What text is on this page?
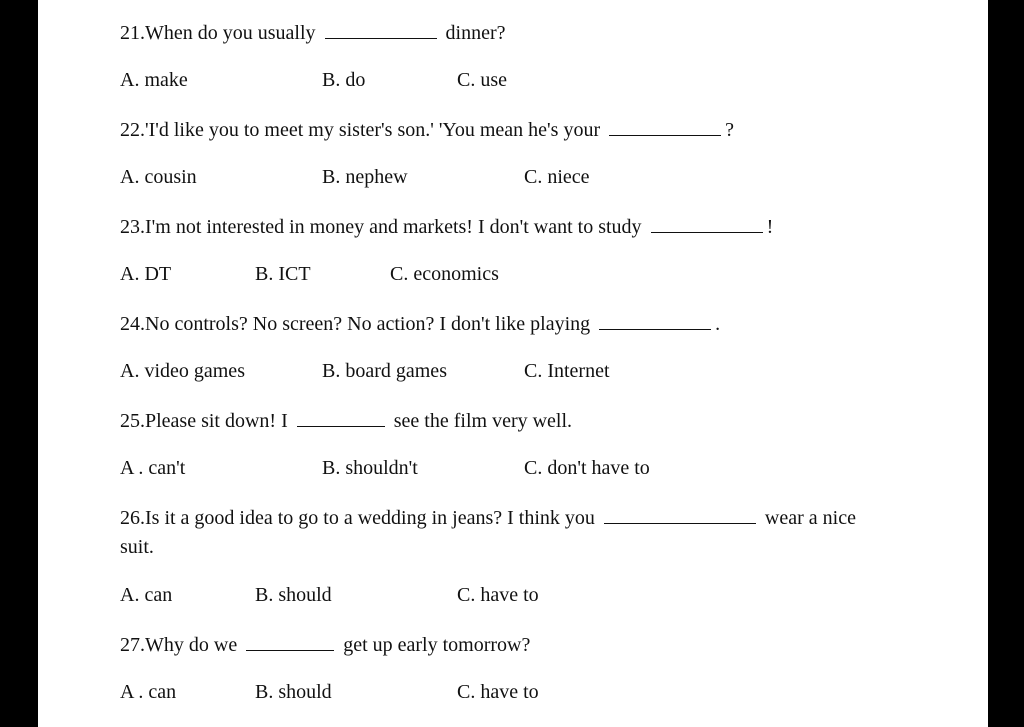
21.When do you usually	dinner?
A. make	B. do	C. use
22.'I'd like you to meet my sister's son.' 'You mean he's your	?
A. cousin	B. nephew	C. niece
23.I'm not interested in money and markets! I don't want to study	!
A. DT	B. ICT	C. economics
24.No controls? No screen? No action? I don't like playing	.
A. video games	B. board games	C. Internet
25.Please sit down! I	see the film very well.
A . can't	B. shouldn't	C. don't have to
26.Is it a good idea to go to a wedding in jeans? I think you	wear a nice
suit.
A. can	B. should	C. have to
27.Why do we	get up early tomorrow?
A . can	B. should	C. have to
